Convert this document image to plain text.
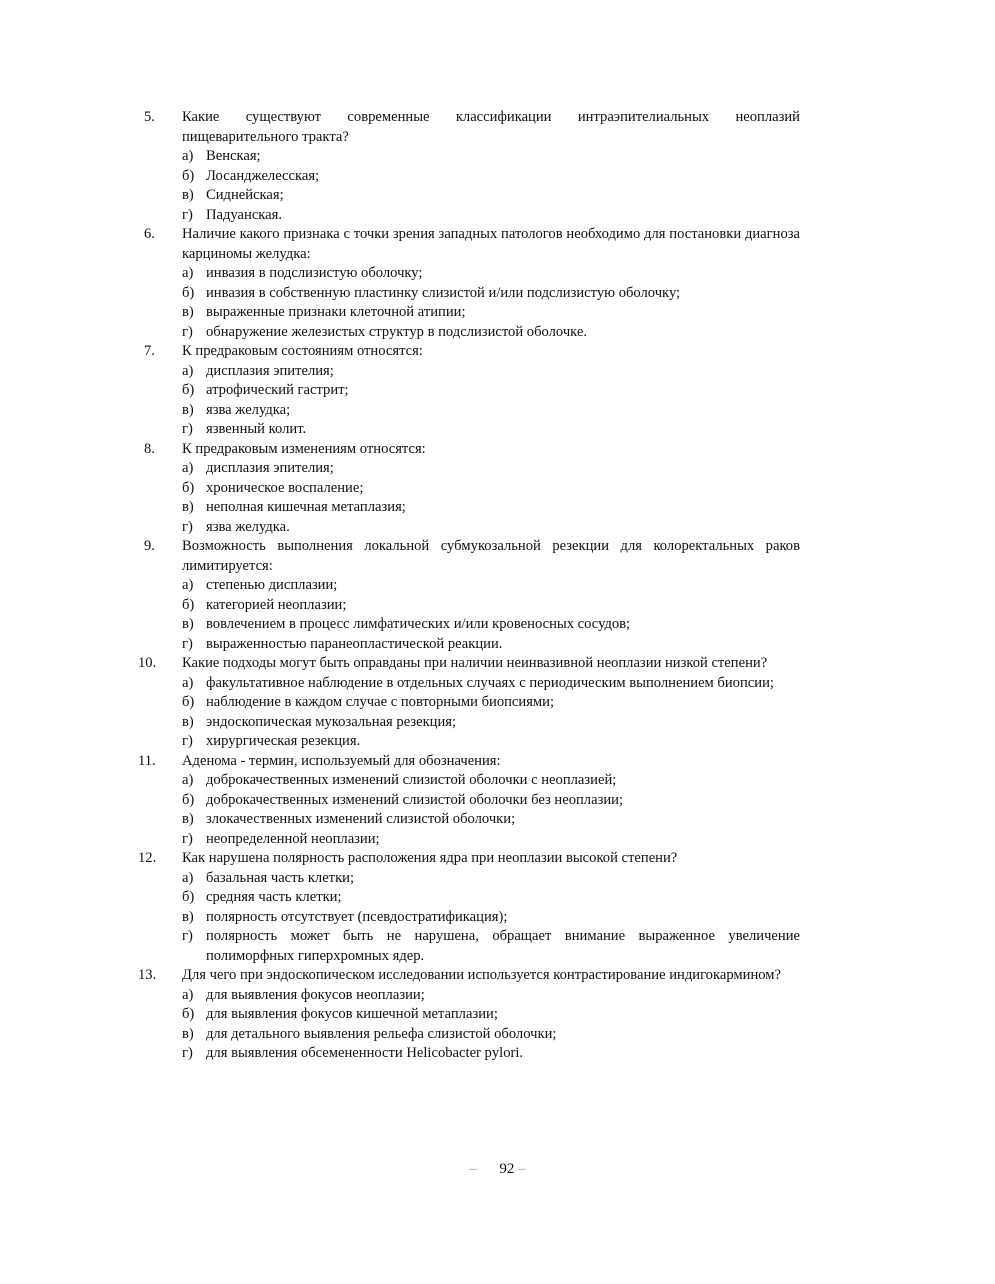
5.	Какие существуют современные классификации интраэпителиальных неоплазий пищеварительного тракта?
а) Венская;
б) Лосанджелесская;
в) Сиднейская;
г) Падуанская.
6.	Наличие какого признака с точки зрения западных патологов необходимо для постановки диагноза карциномы желудка:
а) инвазия в подслизистую оболочку;
б) инвазия в собственную пластинку слизистой и/или подслизистую оболочку;
в) выраженные признаки клеточной атипии;
г) обнаружение железистых структур в подслизистой оболочке.
7.	К предраковым состояниям относятся:
а) дисплазия эпителия;
б) атрофический гастрит;
в) язва желудка;
г) язвенный колит.
8.	К предраковым изменениям относятся:
а) дисплазия эпителия;
б) хроническое воспаление;
в) неполная кишечная метаплазия;
г) язва желудка.
9.	Возможность выполнения локальной субмукозальной резекции для колоректальных раков лимитируется:
а) степенью дисплазии;
б) категорией неоплазии;
в) вовлечением в процесс лимфатических и/или кровеносных сосудов;
г) выраженностью паранеопластической реакции.
10.	Какие подходы могут быть оправданы при наличии неинвазивной неоплазии низкой степени?
а) факультативное наблюдение в отдельных случаях с периодическим выполнением биопсии;
б) наблюдение в каждом случае с повторными биопсиями;
в) эндоскопическая мукозальная резекция;
г) хирургическая резекция.
11.	Аденома - термин, используемый для обозначения:
а) доброкачественных изменений слизистой оболочки с неоплазией;
б) доброкачественных изменений слизистой оболочки без неоплазии;
в) злокачественных изменений слизистой оболочки;
г) неопределенной неоплазии;
12.	Как нарушена полярность расположения ядра при неоплазии высокой степени?
а) базальная часть клетки;
б) средняя часть клетки;
в) полярность отсутствует (псевдостратификация);
г) полярность может быть не нарушена, обращает внимание выраженное увеличение полиморфных гиперхромных ядер.
13.	Для чего при эндоскопическом исследовании используется контрастирование индигокармином?
а) для выявления фокусов неоплазии;
б) для выявления фокусов кишечной метаплазии;
в) для детального выявления рельефа слизистой оболочки;
г) для выявления обсемененности Helicobacter pylori.
– 92 –
